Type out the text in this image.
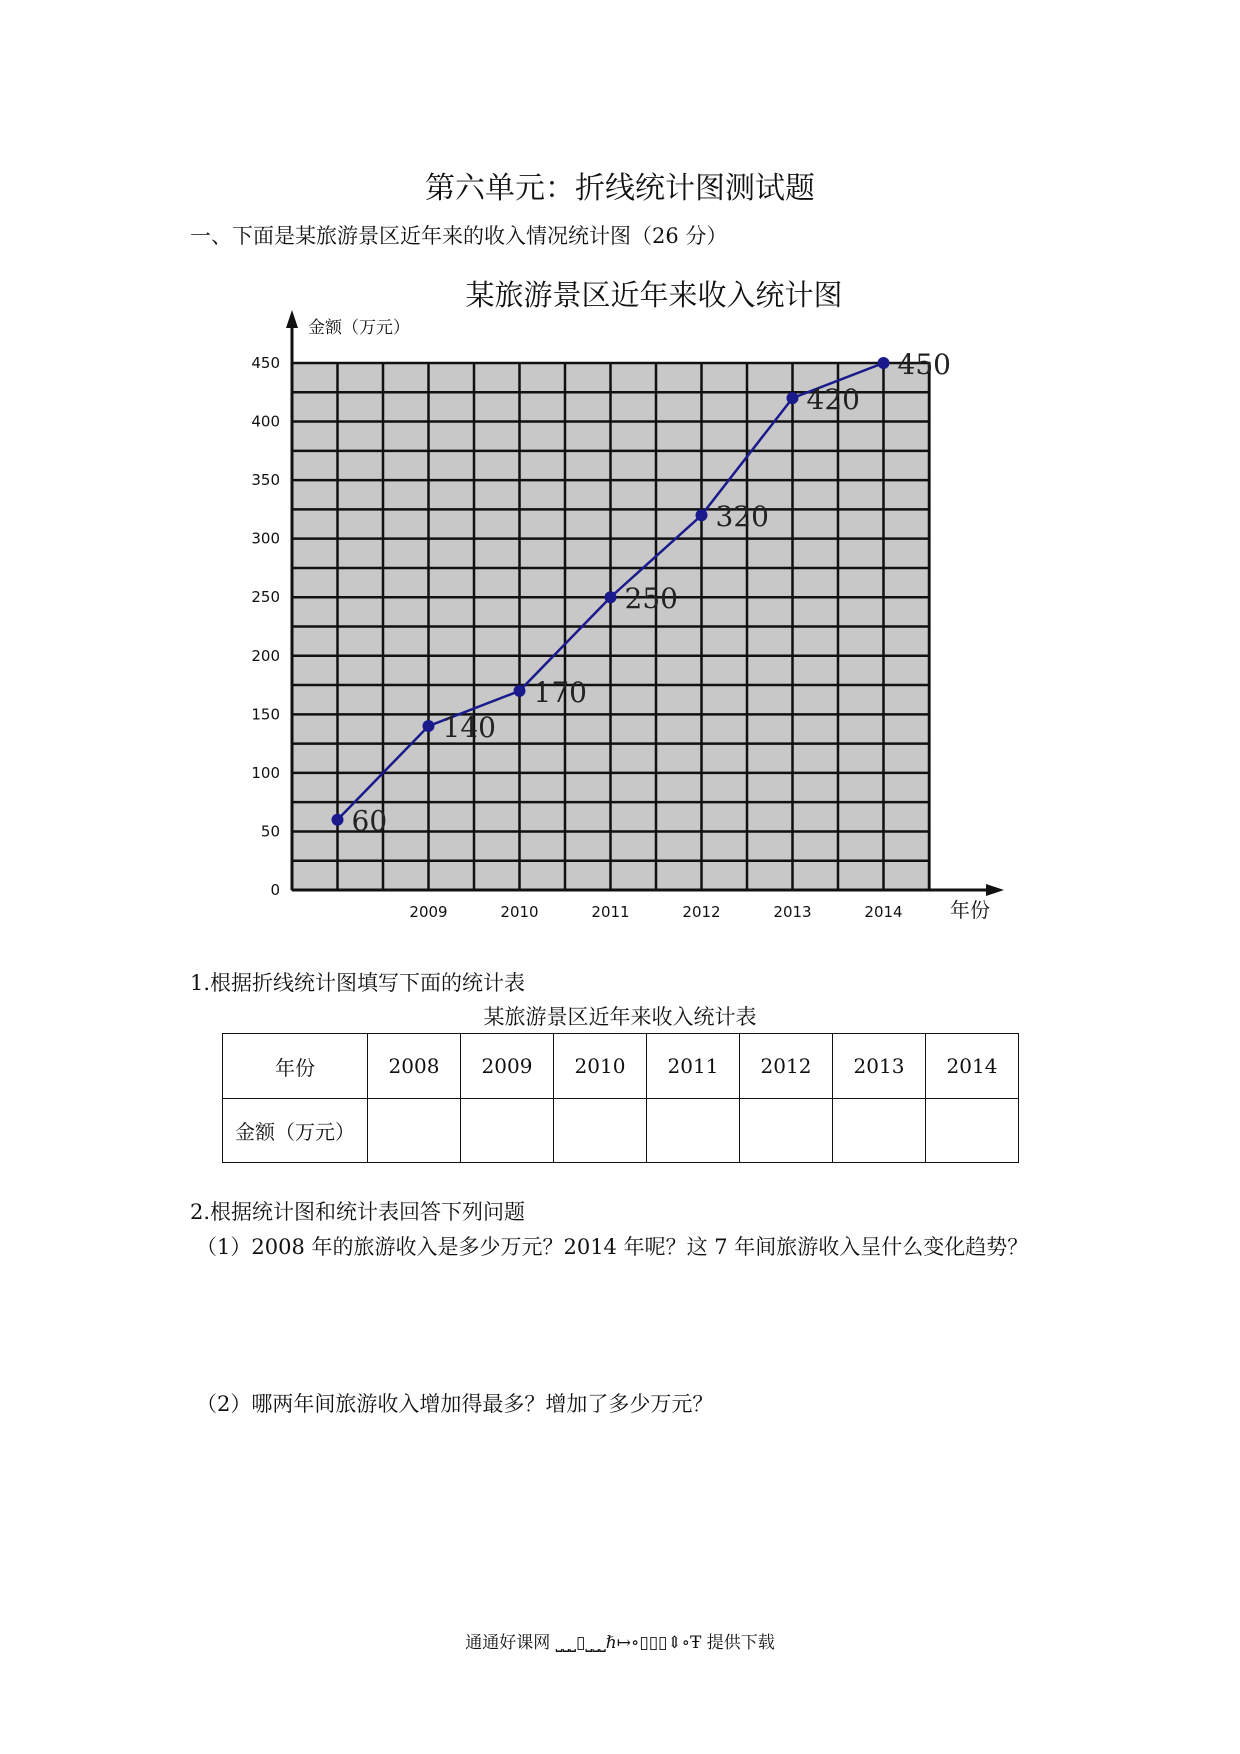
第六单元：折线统计图测试题
一、下面是某旅游景区近年来的收入情况统计图（26 分）
某旅游景区近年来收入统计图
金额（万元）
年份
0
50
100
150
200
250
300
350
400
450
2009	2010	2011	2012	2013	2014
60
140
170
250
320
420
450
1.根据折线统计图填写下面的统计表
某旅游景区近年来收入统计表
年份	2008	2009	2010	2011	2012	2013	2014
金额（万元）							
2.根据统计图和统计表回答下列问题
（1）2008 年的旅游收入是多少万元？2014 年呢？这 7 年间旅游收入呈什么变化趋势？
（2）哪两年间旅游收入增加得最多？增加了多少万元？
通通好课网 ⎵⎵⎵▯⎵⎵⎵ℏ↦∘▯▯▯⇕∘Ŧ 提供下载
